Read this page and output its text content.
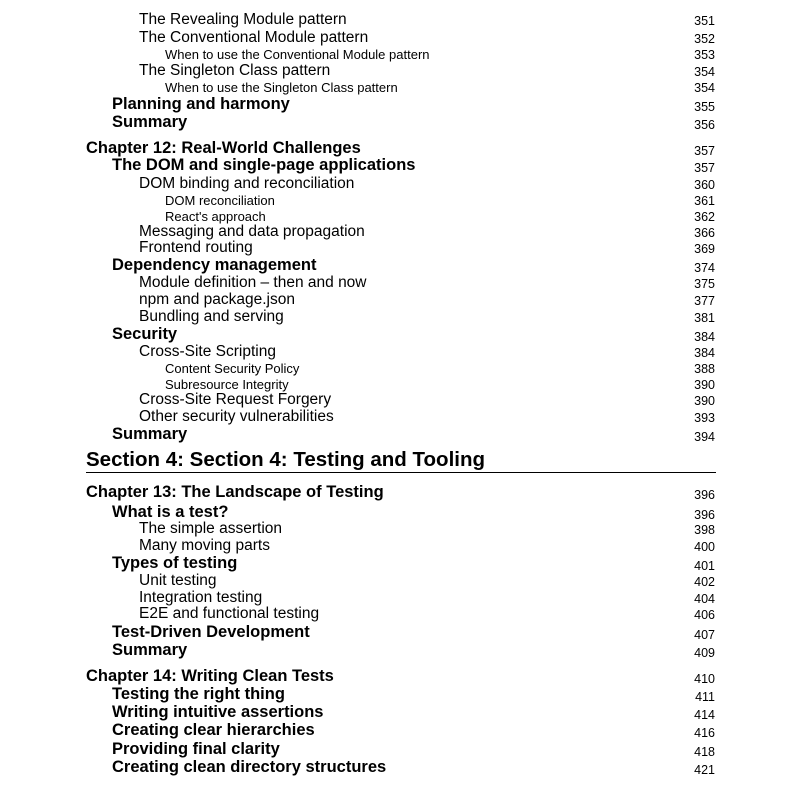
The Revealing Module pattern	351
The Conventional Module pattern	352
When to use the Conventional Module pattern	353
The Singleton Class pattern	354
When to use the Singleton Class pattern	354
Planning and harmony	355
Summary	356
Chapter 12: Real-World Challenges	357
The DOM and single-page applications	357
DOM binding and reconciliation	360
DOM reconciliation	361
React's approach	362
Messaging and data propagation	366
Frontend routing	369
Dependency management	374
Module definition – then and now	375
npm and package.json	377
Bundling and serving	381
Security	384
Cross-Site Scripting	384
Content Security Policy	388
Subresource Integrity	390
Cross-Site Request Forgery	390
Other security vulnerabilities	393
Summary	394
Section 4: Section 4: Testing and Tooling
Chapter 13: The Landscape of Testing	396
What is a test?	396
The simple assertion	398
Many moving parts	400
Types of testing	401
Unit testing	402
Integration testing	404
E2E and functional testing	406
Test-Driven Development	407
Summary	409
Chapter 14: Writing Clean Tests	410
Testing the right thing	411
Writing intuitive assertions	414
Creating clear hierarchies	416
Providing final clarity	418
Creating clean directory structures	421
